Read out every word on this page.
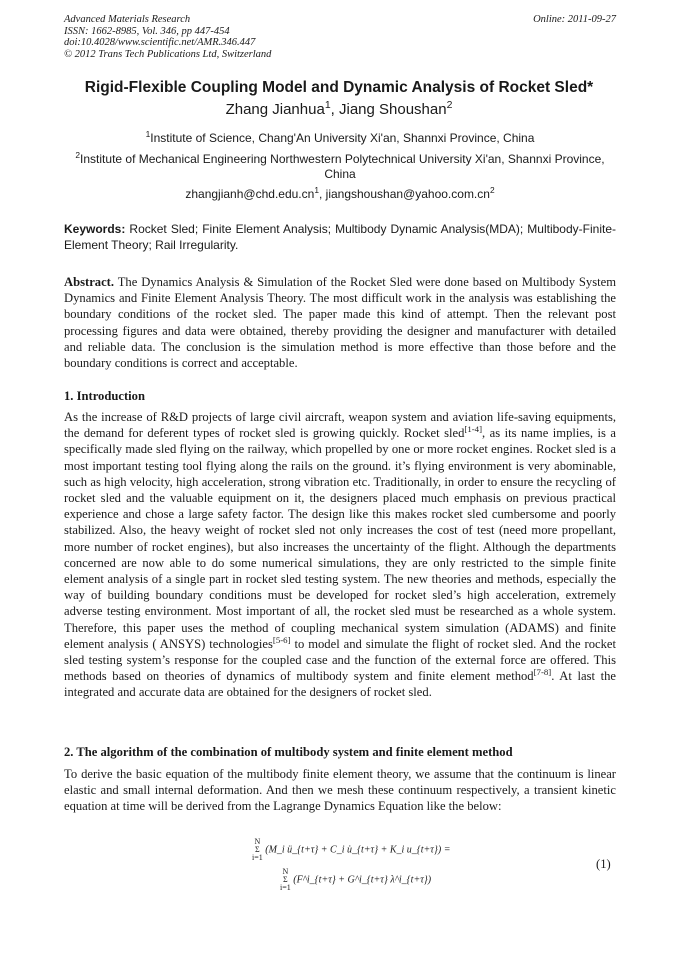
Advanced Materials Research
ISSN: 1662-8985, Vol. 346, pp 447-454
doi:10.4028/www.scientific.net/AMR.346.447
© 2012 Trans Tech Publications Ltd, Switzerland
Online: 2011-09-27
Rigid-Flexible Coupling Model and Dynamic Analysis of Rocket Sled*
Zhang Jianhua$^1$, Jiang Shoushan$^2$
$^1$Institute of Science, Chang'An University Xi'an, Shannxi Province, China
$^2$Institute of Mechanical Engineering Northwestern Polytechnical University Xi'an, Shannxi Province, China
$zhangjianh@chd.edu.cn^1$, $jiangshoushan@yahoo.com.cn^2$
Keywords: Rocket Sled; Finite Element Analysis; Multibody Dynamic Analysis(MDA); Multibody-Finite-Element Theory; Rail Irregularity.

Abstract. The Dynamics Analysis & Simulation of the Rocket Sled were done based on Multibody System Dynamics and Finite Element Analysis Theory. The most difficult work in the analysis was establishing the boundary conditions of the rocket sled. The paper made this kind of attempt. Then the relevant post processing figures and data were obtained, thereby providing the designer and manufacturer with detailed and reliable data. The conclusion is the simulation method is more effective than those before and the boundary conditions is correct and acceptable.

1. Introduction

As the increase of R&D projects of large civil aircraft, weapon system and aviation life-saving equipments, the demand for deferent types of rocket sled is growing quickly. Rocket sled[1-4], as its name implies, is a specifically made sled flying on the railway, which propelled by one or more rocket engines. Rocket sled is a most important testing tool flying along the rails on the ground. it’s flying environment is very abominable, such as high velocity, high acceleration, strong vibration etc. Traditionally, in order to ensure the recycling of rocket sled and the valuable equipment on it, the designers placed much emphasis on previous practical experience and chose a large safety factor. The design like this makes rocket sled cumbersome and poorly stabilized. Also, the heavy weight of rocket sled not only increases the cost of test (need more propellant, more number of rocket engines), but also increases the uncertainty of the flight. Although the departments concerned are now able to do some numerical simulations, they are only restricted to the simple finite element analysis of a single part in rocket sled testing system. The new theories and methods, especially the way of building boundary conditions must be developed for rocket sled’s high acceleration, extremely adverse testing environment. Most important of all, the rocket sled must be researched as a whole system. Therefore, this paper uses the method of coupling mechanical system simulation (ADAMS) and finite element analysis ( ANSYS) technologies[5-6] to model and simulate the flight of rocket sled. And the rocket sled testing system’s response for the coupled case and the function of the external force are offered. This methods based on theories of dynamics of multibody system and finite element method[7-8]. At last the integrated and accurate data are obtained for the designers of rocket sled.

2. The algorithm of the combination of multibody system and finite element method

To derive the basic equation of the multibody finite element theory, we assume that the continuum is linear elastic and small internal deformation. And then we mesh these continuum respectively, a transient kinetic equation at time will be derived from the Lagrange Dynamics Equation like the below:

N
Σ
i=1 (M_i ü_{t+τ} + C_i u̇_{t+τ} + K_i u_{t+τ}) =
N
Σ
i=1 (F^i_{t+τ} + G^i_{t+τ} λ^i_{t+τ})
(1)
